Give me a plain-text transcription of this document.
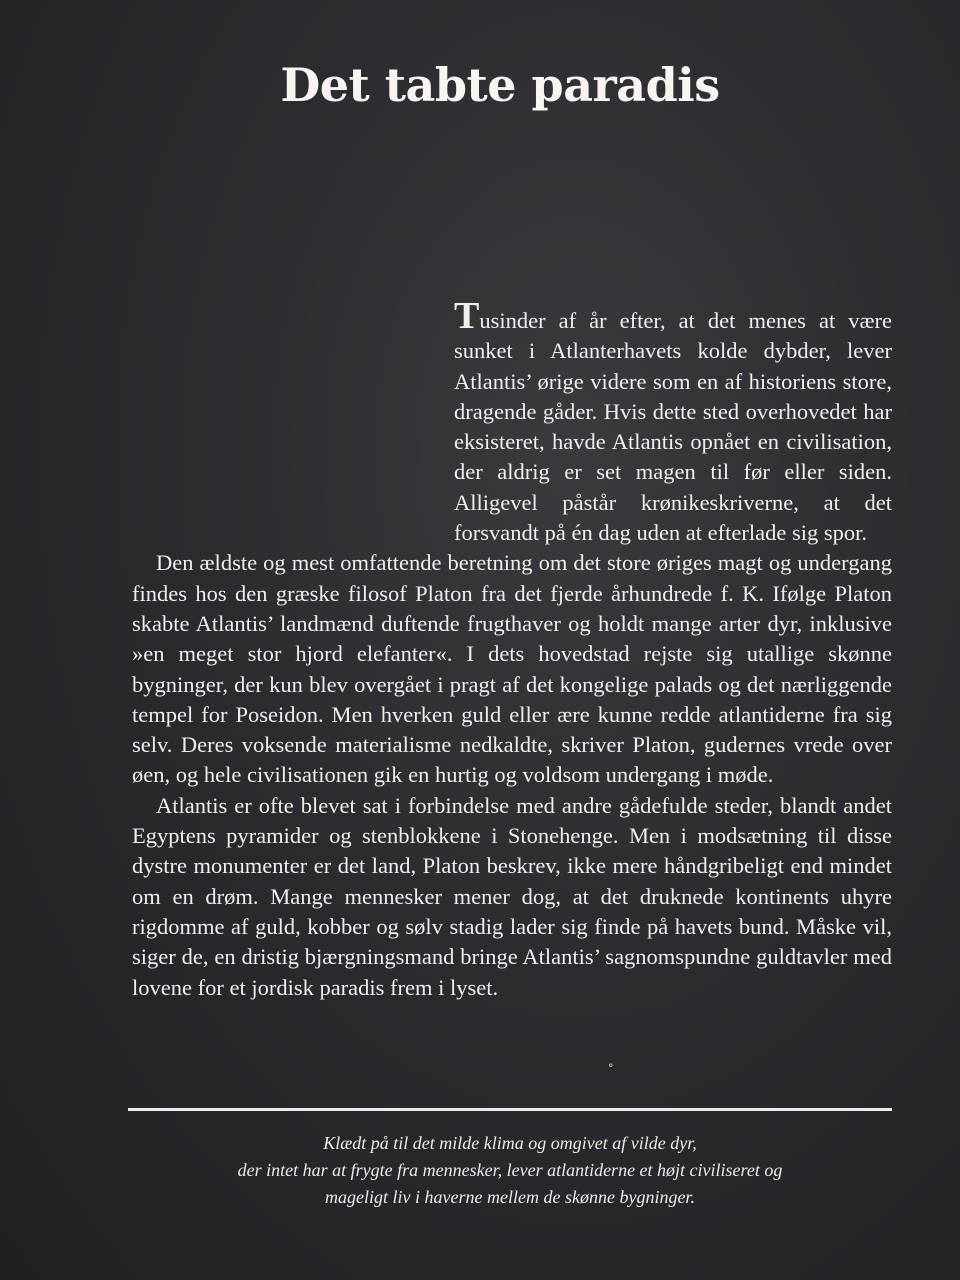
Det tabte paradis

Tusinder af år efter, at det menes at være sunket i Atlanterhavets kolde dybder, lever Atlantis’ ørige videre som en af historiens store, dragende gåder. Hvis dette sted overhovedet har eksisteret, havde Atlantis opnået en civilisation, der aldrig er set magen til før eller siden. Alligevel påstår krønikeskriverne, at det forsvandt på én dag uden at efterlade sig spor.

Den ældste og mest omfattende beretning om det store øriges magt og undergang findes hos den græske filosof Platon fra det fjerde århundrede f. K. Ifølge Platon skabte Atlantis’ landmænd duftende frugthaver og holdt mange arter dyr, inklusive »en meget stor hjord elefanter«. I dets hovedstad rejste sig utallige skønne bygninger, der kun blev overgået i pragt af det kongelige palads og det nærliggende tempel for Poseidon. Men hverken guld eller ære kunne redde atlantiderne fra sig selv. Deres voksende materialisme nedkaldte, skriver Platon, gudernes vrede over øen, og hele civilisationen gik en hurtig og voldsom undergang i møde.

Atlantis er ofte blevet sat i forbindelse med andre gådefulde steder, blandt andet Egyptens pyramider og stenblokkene i Stonehenge. Men i modsætning til disse dystre monumenter er det land, Platon beskrev, ikke mere håndgribeligt end mindet om en drøm. Mange mennesker mener dog, at det druknede kontinents uhyre rigdomme af guld, kobber og sølv stadig lader sig finde på havets bund. Måske vil, siger de, en dristig bjærgningsmand bringe Atlantis’ sagnomspundne guldtavler med lovene for et jordisk paradis frem i lyset.

°
Klædt på til det milde klima og omgivet af vilde dyr,
der intet har at frygte fra mennesker, lever atlantiderne et højt civiliseret og
mageligt liv i haverne mellem de skønne bygninger.
